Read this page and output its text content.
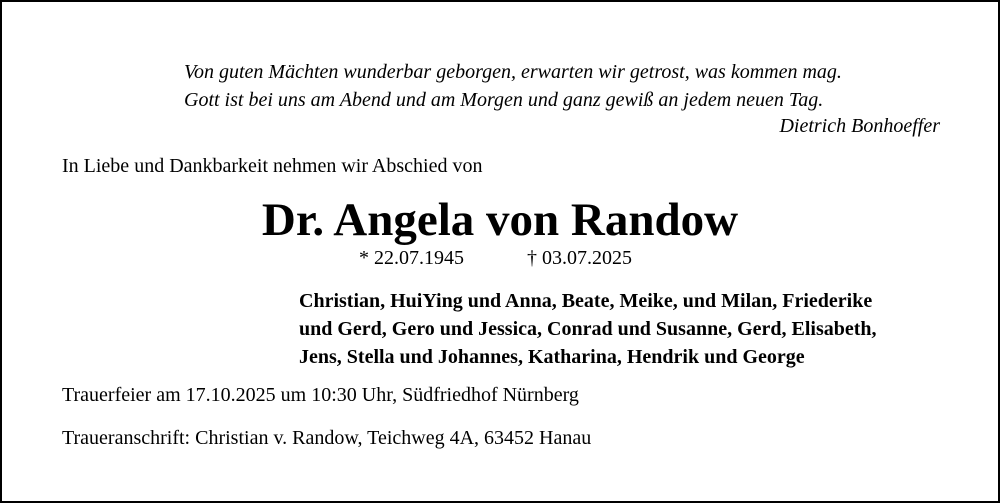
Von guten Mächten wunderbar geborgen, erwarten wir getrost, was kommen mag.
Gott ist bei uns am Abend und am Morgen und ganz gewiß an jedem neuen Tag.
Dietrich Bonhoeffer
In Liebe und Dankbarkeit nehmen wir Abschied von
Dr. Angela von Randow
* 22.07.1945	† 03.07.2025
Christian, HuiYing und Anna, Beate, Meike, und Milan, Friederike
und Gerd, Gero und Jessica, Conrad und Susanne, Gerd, Elisabeth,
Jens, Stella und Johannes, Katharina, Hendrik und George
Trauerfeier am 17.10.2025 um 10:30 Uhr, Südfriedhof Nürnberg
Traueranschrift: Christian v. Randow, Teichweg 4A, 63452 Hanau
